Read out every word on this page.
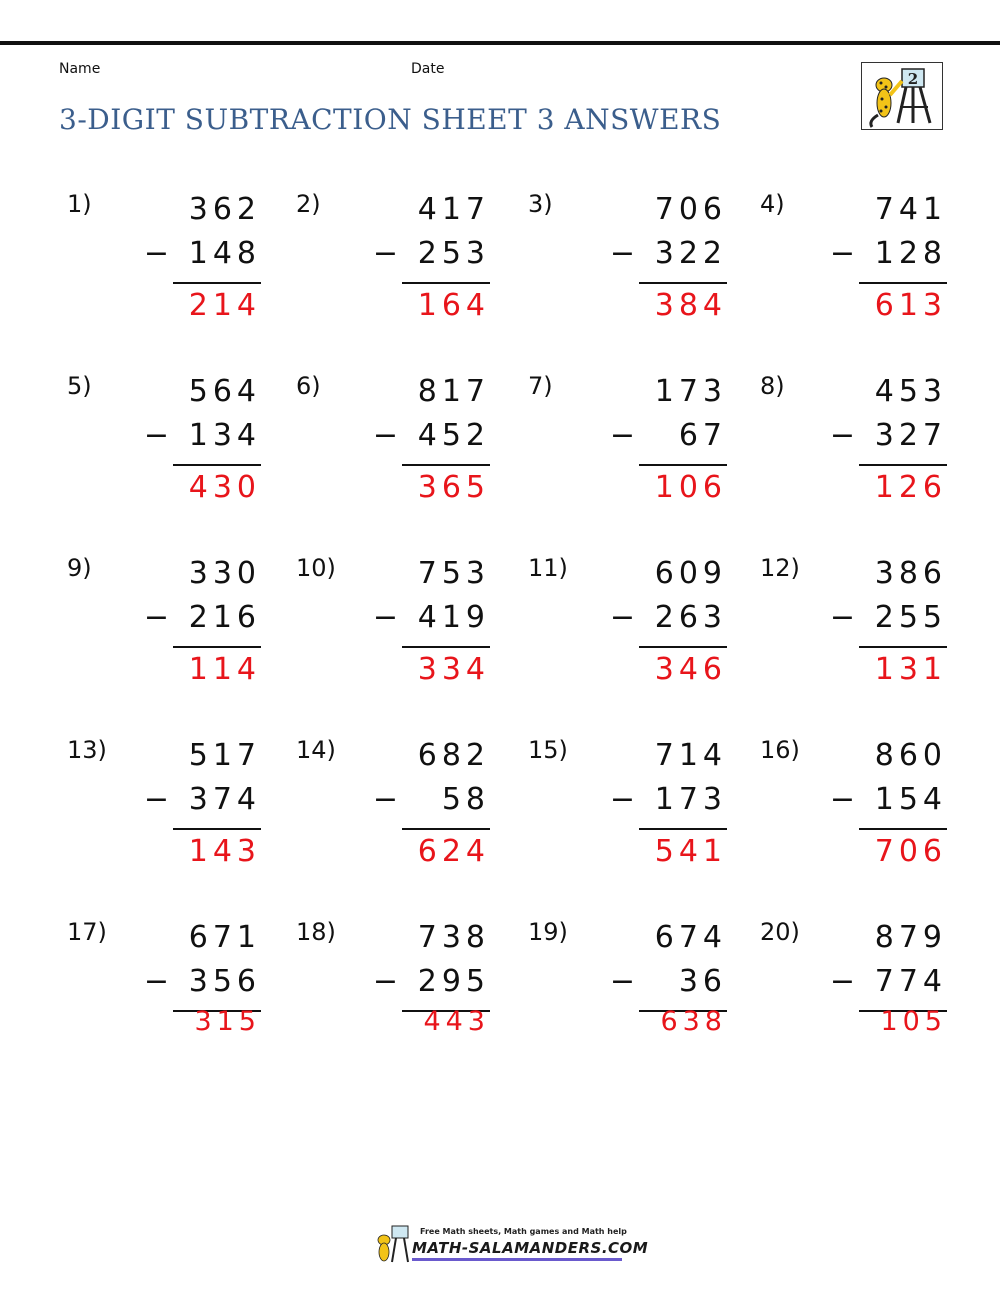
Name	Date
3-DIGIT SUBTRACTION SHEET 3 ANSWERS
2
1)	362
− 148
214
2)	417
− 253
164
3)	706
− 322
384
4)	741
− 128
613
5)	564
− 134
430
6)	817
− 452
365
7)	173
− 67
106
8)	453
− 327
126
9)	330
− 216
114
10)	753
− 419
334
11)	609
− 263
346
12)	386
− 255
131
13)	517
− 374
143
14)	682
− 58
624
15)	714
− 173
541
16)	860
− 154
706
17)	671
− 356
315
18)	738
− 295
443
19)	674
− 36
638
20)	879
− 774
105
Free Math sheets, Math games and Math help
MATH-SALAMANDERS.COM
